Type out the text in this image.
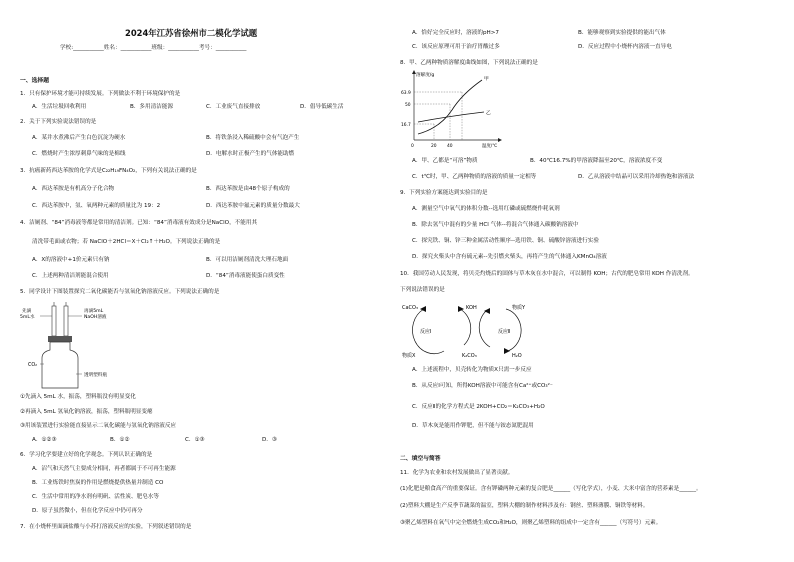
2024年江苏省徐州市二模化学试题
学校:___________姓名：___________班级：___________考号：___________
一、选择题
1．只有保护环境才能可持续发展。下列做法不利于环境保护的是
A．生活垃圾回收利用	B．多用清洁能源	C．工业废气直接排放	D．倡导低碳生活
2．关于下列实验说法错误的是
A．某井水煮沸后产生白色沉淀为硬水	B．将铁条浸入稀硫酸中会有气泡产生
C．燃烧时产生浓厚刺鼻气味的是棉线	D．电解水时正极产生的气体能助燃
3．抗癌新药西达苯胺的化学式是C₂₂H₁₉FN₄O₂，下列有关说法正确的是
A．西达苯胺是有机高分子化合物	B．西达苯胺是由48个原子构成的
C．西达苯胺中，氢、氧两种元素的质量比为 19：2	D．西达苯胺中氟元素的质量分数最大
4．洁厕剂、“84”消毒液等都是常用的清洁剂。已知：“84”消毒液有效成分是NaClO，不能用其
清洗带毛面或衣物；若 NaClO＋2HCl＝X＋Cl₂↑＋H₂O。下列说法正确的是
A．X的溶液中+1价元素只有钠	B．可以用洁厕剂清洗大理石地面
C．上述两种清洁剂能混合使用	D．“84”消毒液能使蛋白质变性
5．同学设计下图装置探究二氧化碳能否与氢氧化钠溶液反应。下列说法正确的是
先滴
5mL水
再滴5mL
NaOH溶液
CO₂
透明塑料瓶
①先滴入 5mL 水，振荡，塑料瓶没有明显变化
②再滴入 5mL 氢氧化钠溶液，振荡，塑料瓶明显变瘪
③用该装置进行实验能直接显示二氧化碳能与氢氧化钠溶液反应
A．①②③	B．①②	C．①③	D．③
6．学习化学要建立好的化学观念。下列认识正确的是
A．沼气和天然气主要成分相同，再者都属于不可再生能源
B．工业炼铁时焦炭的作用是燃烧提供热量并制造 CO
C．生活中常用的净水剂有明矾、活性炭、肥皂水等
D．原子虽然微小，但在化学反应中仍可再分
7．在小烧杯里面滴盐酸与小苏打溶液反应的实验，下列叙述错误的是
A．恰好完全反应时，溶液的pH>7	B．能够观察到实验提供的能出气体
C．该反应原理可用于治疗胃酸过多	D．反应过程中小烧杯内溶液一直导电
8．甲、乙两种物质溶解度曲线如图，下列说法正确的是
溶解度/g
63.9
50
16.7
0	20 40	温度/℃
甲
乙
A．甲、乙都是“可溶”物质	B．40℃16.7%的甲溶液降温至20℃，溶液浓度不变
C．t℃时，甲、乙两种物质的溶液的质量一定相等	D．乙从溶液中结晶可以采用冷却热饱和溶液法
9．下列实验方案能达到实验目的是
A．测量空气中氧气的体积分数--选用红磷或硫燃烧作耗氧剂
B．除去氢气中混有的少量 HCl 气体--将混合气体通入碳酸钠溶液中
C．探究铁、铜、锌三种金属活动性顺序--选用铁、铜、硫酸锌溶液进行实验
D．探究火柴头中含有硫元素--先引燃火柴头，再将产生的气体通入KMnO₄溶液
10．我国劳动人民发现，将贝壳灼烧后的固体与草木灰在水中混合，可以制得 KOH；古代的肥皂常用 KOH 作清洗剂。
下列说法错误的是
CaCO₃	KOH	物质Y
反应Ⅰ	反应Ⅱ
物质X	K₂CO₃	H₂O
A．上述流程中，贝壳转化为物质X只需一步反应
B．从反应Ⅰ可知，所得KOH溶液中可能含有Ca²⁺或CO₃²⁻
C．反应Ⅱ的化学方程式是 2KOH+CO₂＝K₂CO₃+H₂O
D．草木灰是能用作钾肥，但不能与铵态氮肥混用
二、填空与简答
11．化学为农业和农村发展做出了显著贡献。
(1)化肥是粮食高产的重要保证。含有钾磷两种元素的复合肥是______（写化学式），小麦、大米中富含的营养素是______。
(2)塑料大棚是生产反季节蔬菜的温室，塑料大棚的制作材料涉及有：钢丝、塑料薄膜、铜铁等材料。
③聚乙烯塑料在氧气中完全燃烧生成CO₂和H₂O，则聚乙烯塑料的组成中一定含有______（写符号）元素。
